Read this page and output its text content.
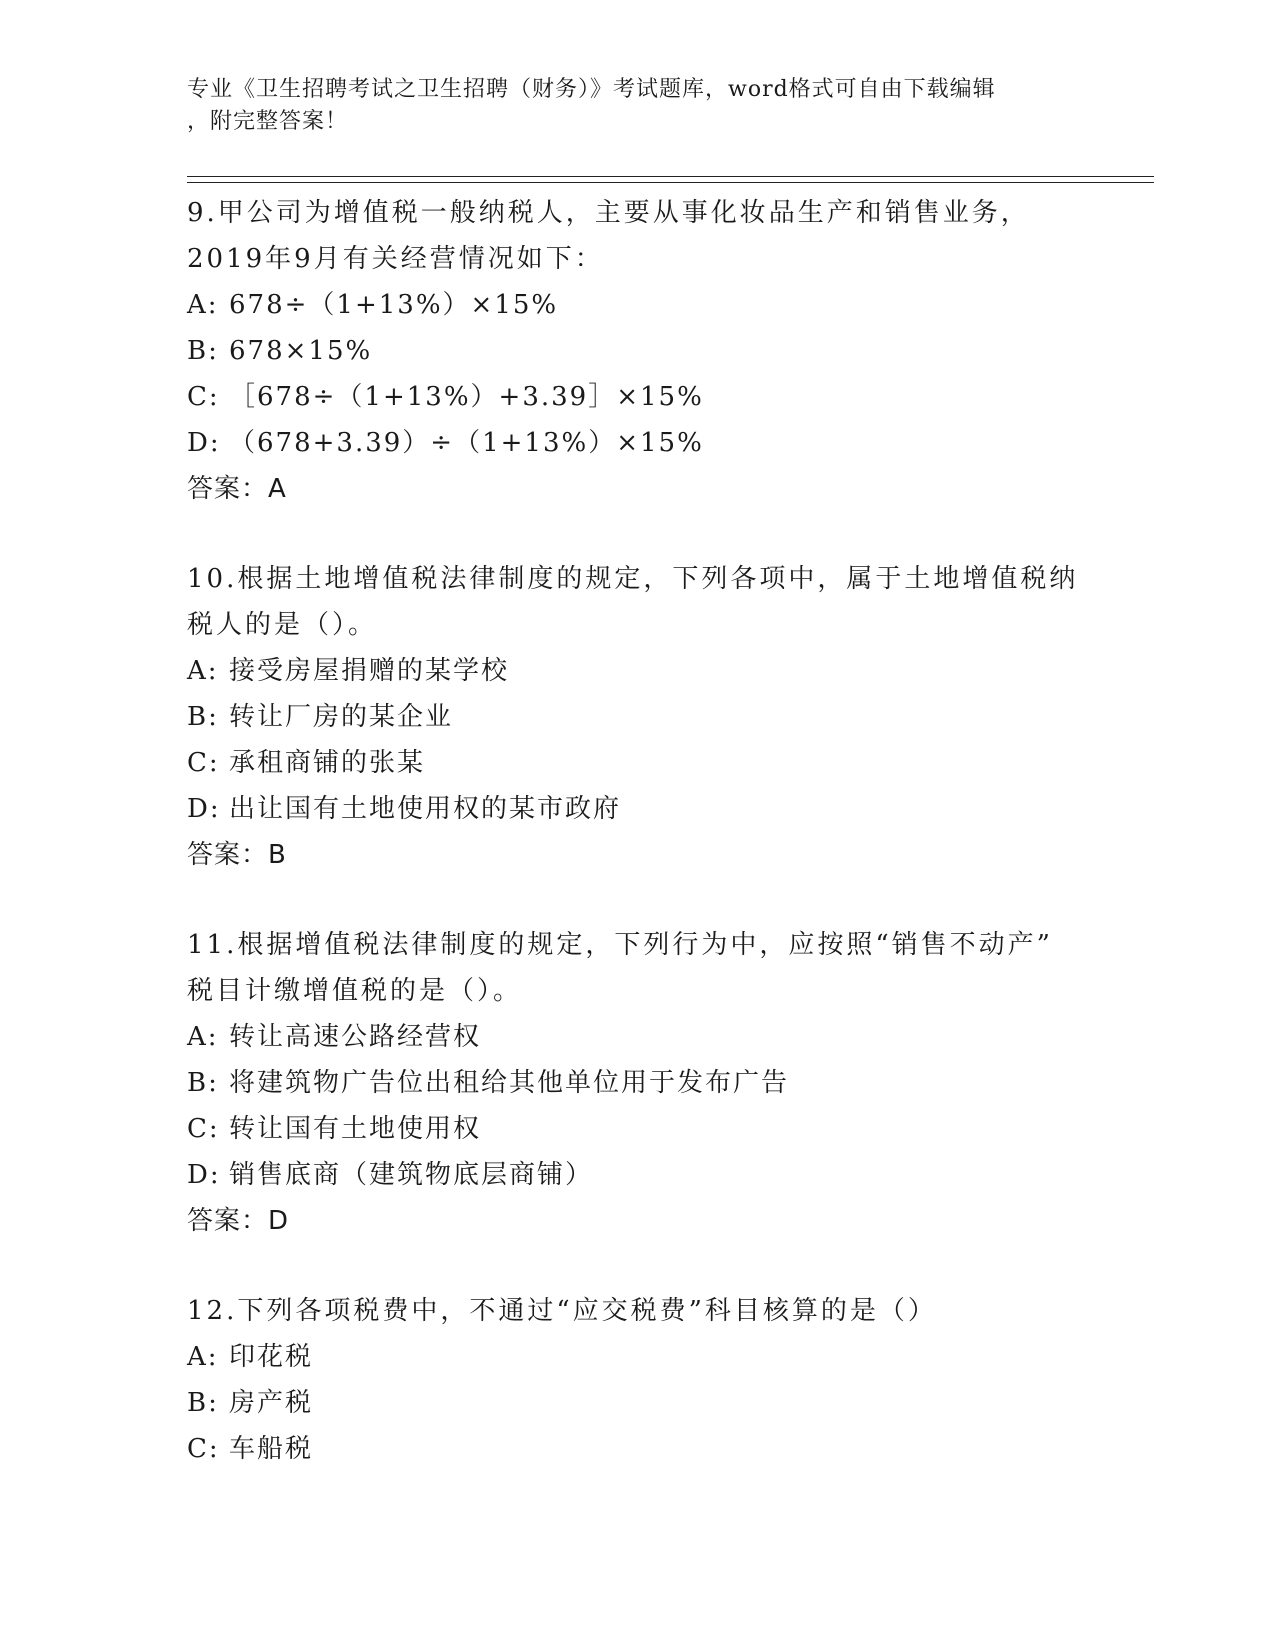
专业《卫生招聘考试之卫生招聘（财务）》考试题库，word格式可自由下载编辑
，附完整答案！
9.甲公司为增值税一般纳税人，主要从事化妆品生产和销售业务，
2019年9月有关经营情况如下：
A: 678÷（1+13%）×15%
B: 678×15%
C: ［678÷（1+13%）+3.39］×15%
D: （678+3.39）÷（1+13%）×15%
答案：A
10.根据土地增值税法律制度的规定，下列各项中，属于土地增值税纳
税人的是（）。
A: 接受房屋捐赠的某学校
B: 转让厂房的某企业
C: 承租商铺的张某
D: 出让国有土地使用权的某市政府
答案：B
11.根据增值税法律制度的规定，下列行为中，应按照“销售不动产”
税目计缴增值税的是（）。
A: 转让高速公路经营权
B: 将建筑物广告位出租给其他单位用于发布广告
C: 转让国有土地使用权
D: 销售底商（建筑物底层商铺）
答案：D
12.下列各项税费中，不通过“应交税费”科目核算的是（）
A: 印花税
B: 房产税
C: 车船税
